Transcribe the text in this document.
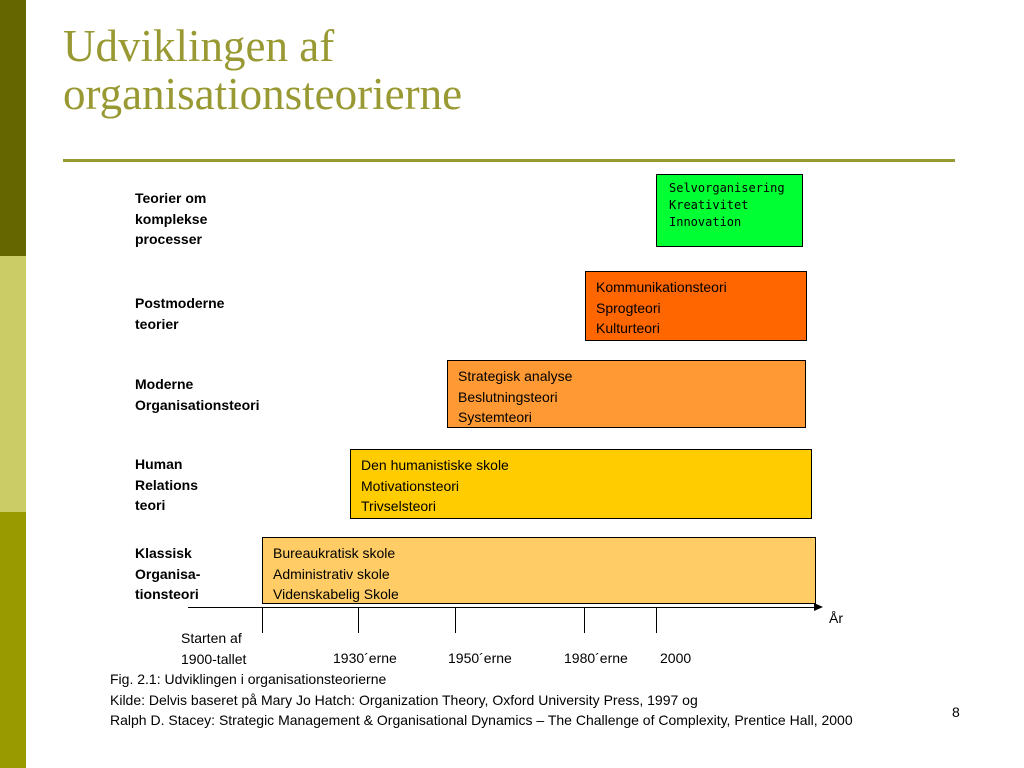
Udviklingen af
organisationsteorierne
Teorier om
komplekse
processer
Selvorganisering
Kreativitet
Innovation
Postmoderne
teorier
Kommunikationsteori
Sprogteori
Kulturteori
Moderne
Organisationsteori
Strategisk analyse
Beslutningsteori
Systemteori
Human
Relations
teori
Den humanistiske skole
Motivationsteori
Trivselsteori
Klassisk
Organisa-
tionsteori
Bureaukratisk skole
Administrativ skole
Videnskabelig Skole
År
Starten af
1900-tallet	1930´erne	1950´erne	1980´erne 2000
8
Fig. 2.1: Udviklingen i organisationsteorierne
Kilde: Delvis baseret på Mary Jo Hatch: Organization Theory, Oxford University Press, 1997 og
Ralph D. Stacey: Strategic Management & Organisational Dynamics – The Challenge of Complexity, Prentice Hall, 2000
